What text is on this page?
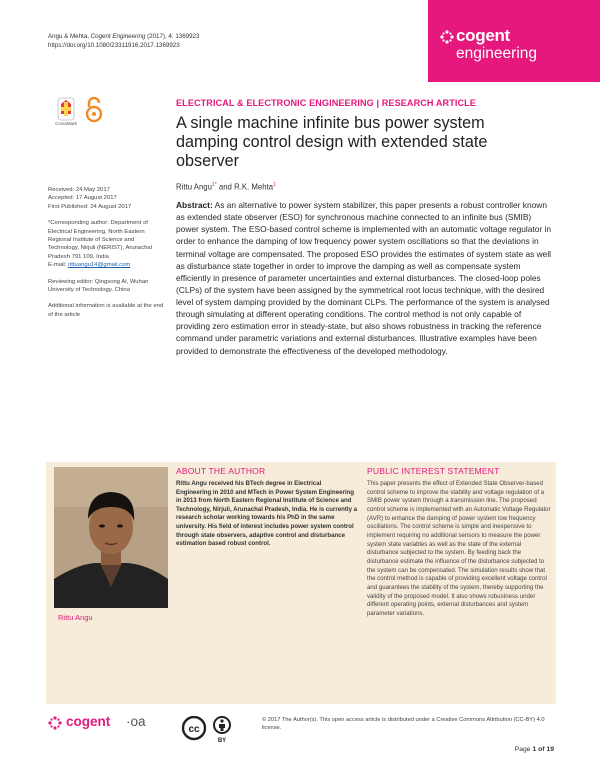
Angu & Mehta, Cogent Engineering (2017), 4: 1369923
https://doi.org/10.1080/23311916.2017.1369923
cogent
engineering
CrossMark
ELECTRICAL & ELECTRONIC ENGINEERING | RESEARCH ARTICLE
A single machine infinite bus power system damping control design with extended state observer
Rittu Angu$^{1*}$ and R.K. Mehta$^1$
Received: 24 May 2017
Accepted: 17 August 2017
First Published: 24 August 2017
*Corresponding author: Department of Electrical Engineering, North Eastern Regional Institute of Science and Technology, Nirjuli (NERIST), Arunachal Pradesh 791 109, India
E-mail: rittuangu14@gmail.com
Reviewing editor: Qingsong Ai, Wuhan University of Technology, China
Additional information is available at the end of the article

Abstract: As an alternative to power system stabilizer, this paper presents a robust controller known as extended state observer (ESO) for synchronous machine connected to an infinite bus (SMIB) power system. The ESO-based control scheme is implemented with an automatic voltage regulator in order to enhance the damping of low frequency power system oscillations so that the deviations in terminal voltage are compensated. The proposed ESO provides the estimates of system state as well as disturbance state together in order to improve the damping as well as compensate system efficiently in presence of parameter uncertainties and external disturbances. The closed-loop poles (CLPs) of the system have been assigned by the symmetrical root locus technique, with the desired level of system damping provided by the dominant CLPs. The performance of the system is analysed through simulating at different operating conditions. The control method is not only capable of providing zero estimation error in steady-state, but also shows robustness in tracking the reference command under parametric variations and external disturbances. Illustrative examples have been provided to demonstrate the effectiveness of the developed methodology.

Rittu Angu
ABOUT THE AUTHOR
Rittu Angu received his BTech degree in Electrical Engineering in 2010 and MTech in Power System Engineering in 2013 from North Eastern Regional Institute of Science and Technology, Nirjuli, Arunachal Pradesh, India. He is currently a research scholar working towards his PhD in the same university. His field of interest includes power system control through state observers, adaptive control and disturbance estimation based robust control.
PUBLIC INTEREST STATEMENT
This paper presents the effect of Extended State Observer-based control scheme to improve the stability and voltage regulation of a SMIB power system through a transmission line. The proposed control scheme is implemented with an Automatic Voltage Regulator (AVR) to enhance the damping of power system low frequency oscillations. The control scheme is simple and inexpensive to implement requiring no additional sensors to measure the power system state variables as well as the state of the external disturbance subjected to the system. By feeding back the disturbance estimate the influence of the disturbance subjected to the system can be compensated. The simulation results show that the control method is capable of providing excellent voltage control and guarantees the stability of the system, thereby supporting the validity of the proposed model. It also shows robustness under different operating points, external disturbances and system parameter variations.
cogent ·oa
cc
BY
© 2017 The Author(s). This open access article is distributed under a Creative Commons Attribution (CC-BY) 4.0 license.
Page 1 of 19
